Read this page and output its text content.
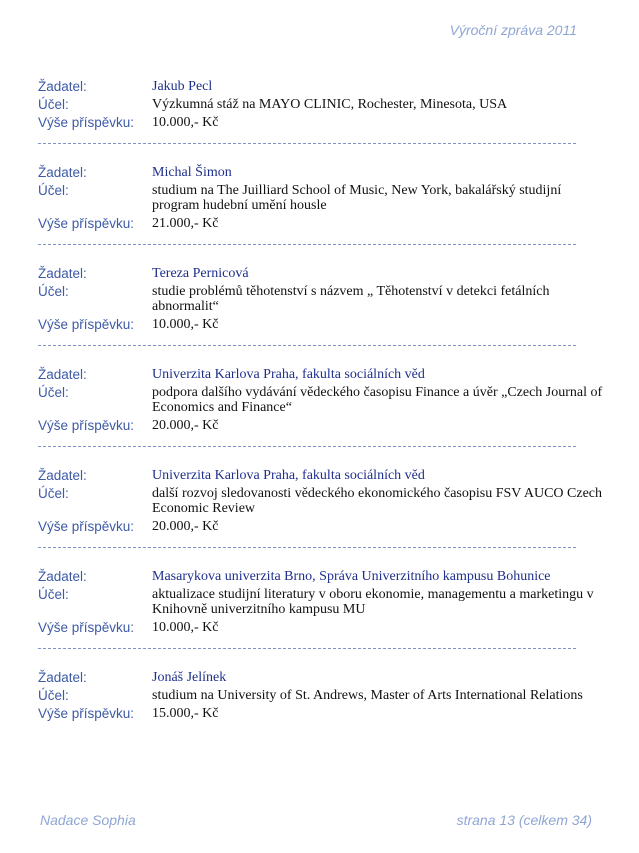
Výroční zpráva 2011
Žadatel:	Jakub Pecl
Účel:	Výzkumná stáž na MAYO CLINIC, Rochester, Minesota, USA
Výše příspěvku:	10.000,- Kč
Žadatel:	Michal Šimon
Účel:	studium na The Juilliard School of Music, New York, bakalářský studijní program hudební umění housle
Výše příspěvku:	21.000,- Kč
Žadatel:	Tereza Pernicová
Účel:	studie problémů těhotenství s názvem „ Těhotenství v detekci fetálních abnormalit“
Výše příspěvku:	10.000,- Kč
Žadatel:	Univerzita Karlova Praha, fakulta sociálních věd
Účel:	podpora dalšího vydávání vědeckého časopisu Finance a úvěr „Czech Journal of Economics and Finance“
Výše příspěvku:	20.000,- Kč
Žadatel:	Univerzita Karlova Praha, fakulta sociálních věd
Účel:	další rozvoj sledovanosti vědeckého ekonomického časopisu FSV AUCO Czech Economic Review
Výše příspěvku:	20.000,- Kč
Žadatel:	Masarykova univerzita Brno, Správa Univerzitního kampusu Bohunice
Účel:	aktualizace studijní literatury v oboru ekonomie, managementu a marketingu v Knihovně univerzitního kampusu MU
Výše příspěvku:	10.000,- Kč
Žadatel:	Jonáš Jelínek
Účel:	studium na University of St. Andrews, Master of Arts International Relations
Výše příspěvku:	15.000,- Kč
Nadace Sophia	strana 13 (celkem 34)
